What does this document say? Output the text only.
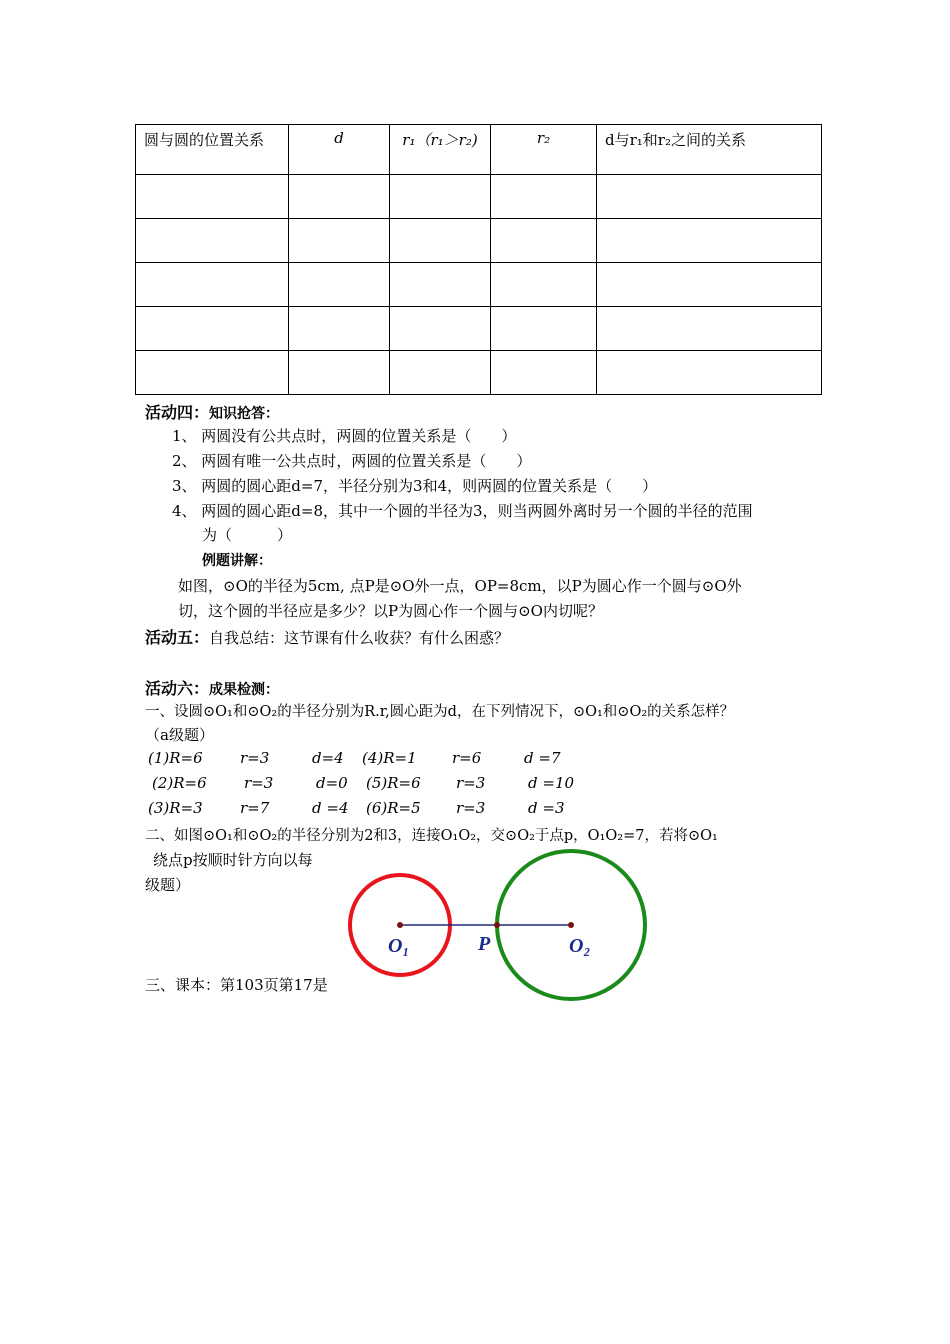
圆与圆的位置关系	d	r₁（r₁＞r₂)	r₂	d与r₁和r₂之间的关系

活动四：知识抢答：
1、 两圆没有公共点时，两圆的位置关系是（　　）
2、 两圆有唯一公共点时，两圆的位置关系是（　　）
3、 两圆的圆心距d=7，半径分别为3和4，则两圆的位置关系是（　　）
4、 两圆的圆心距d=8，其中一个圆的半径为3，则当两圆外离时另一个圆的半径的范围
为（　　　）
例题讲解：
如图，⊙O的半径为5cm, 点P是⊙O外一点，OP=8cm，以P为圆心作一个圆与⊙O外
切，这个圆的半径应是多少？以P为圆心作一个圆与⊙O内切呢？
活动五：自我总结：这节课有什么收获？有什么困惑？
活动六：成果检测：
一、设圆⊙O₁和⊙O₂的半径分别为R.r,圆心距为d，在下列情况下，⊙O₁和⊙O₂的关系怎样？
（a级题）
(1)R=6 r=3	d=4 (4)R=1 r=6	d =7
(2)R=6 r=3	d=0 (5)R=6 r=3	d =10
(3)R=3 r=7	d =4 (6)R=5 r=3	d =3
二、如图⊙O₁和⊙O₂的半径分别为2和3，连接O₁O₂，交⊙O₂于点p，O₁O₂=7，若将⊙O₁
绕点p按顺时针方向以每
级题）
三、课本：第103页第17是
O₁	P	O₂
